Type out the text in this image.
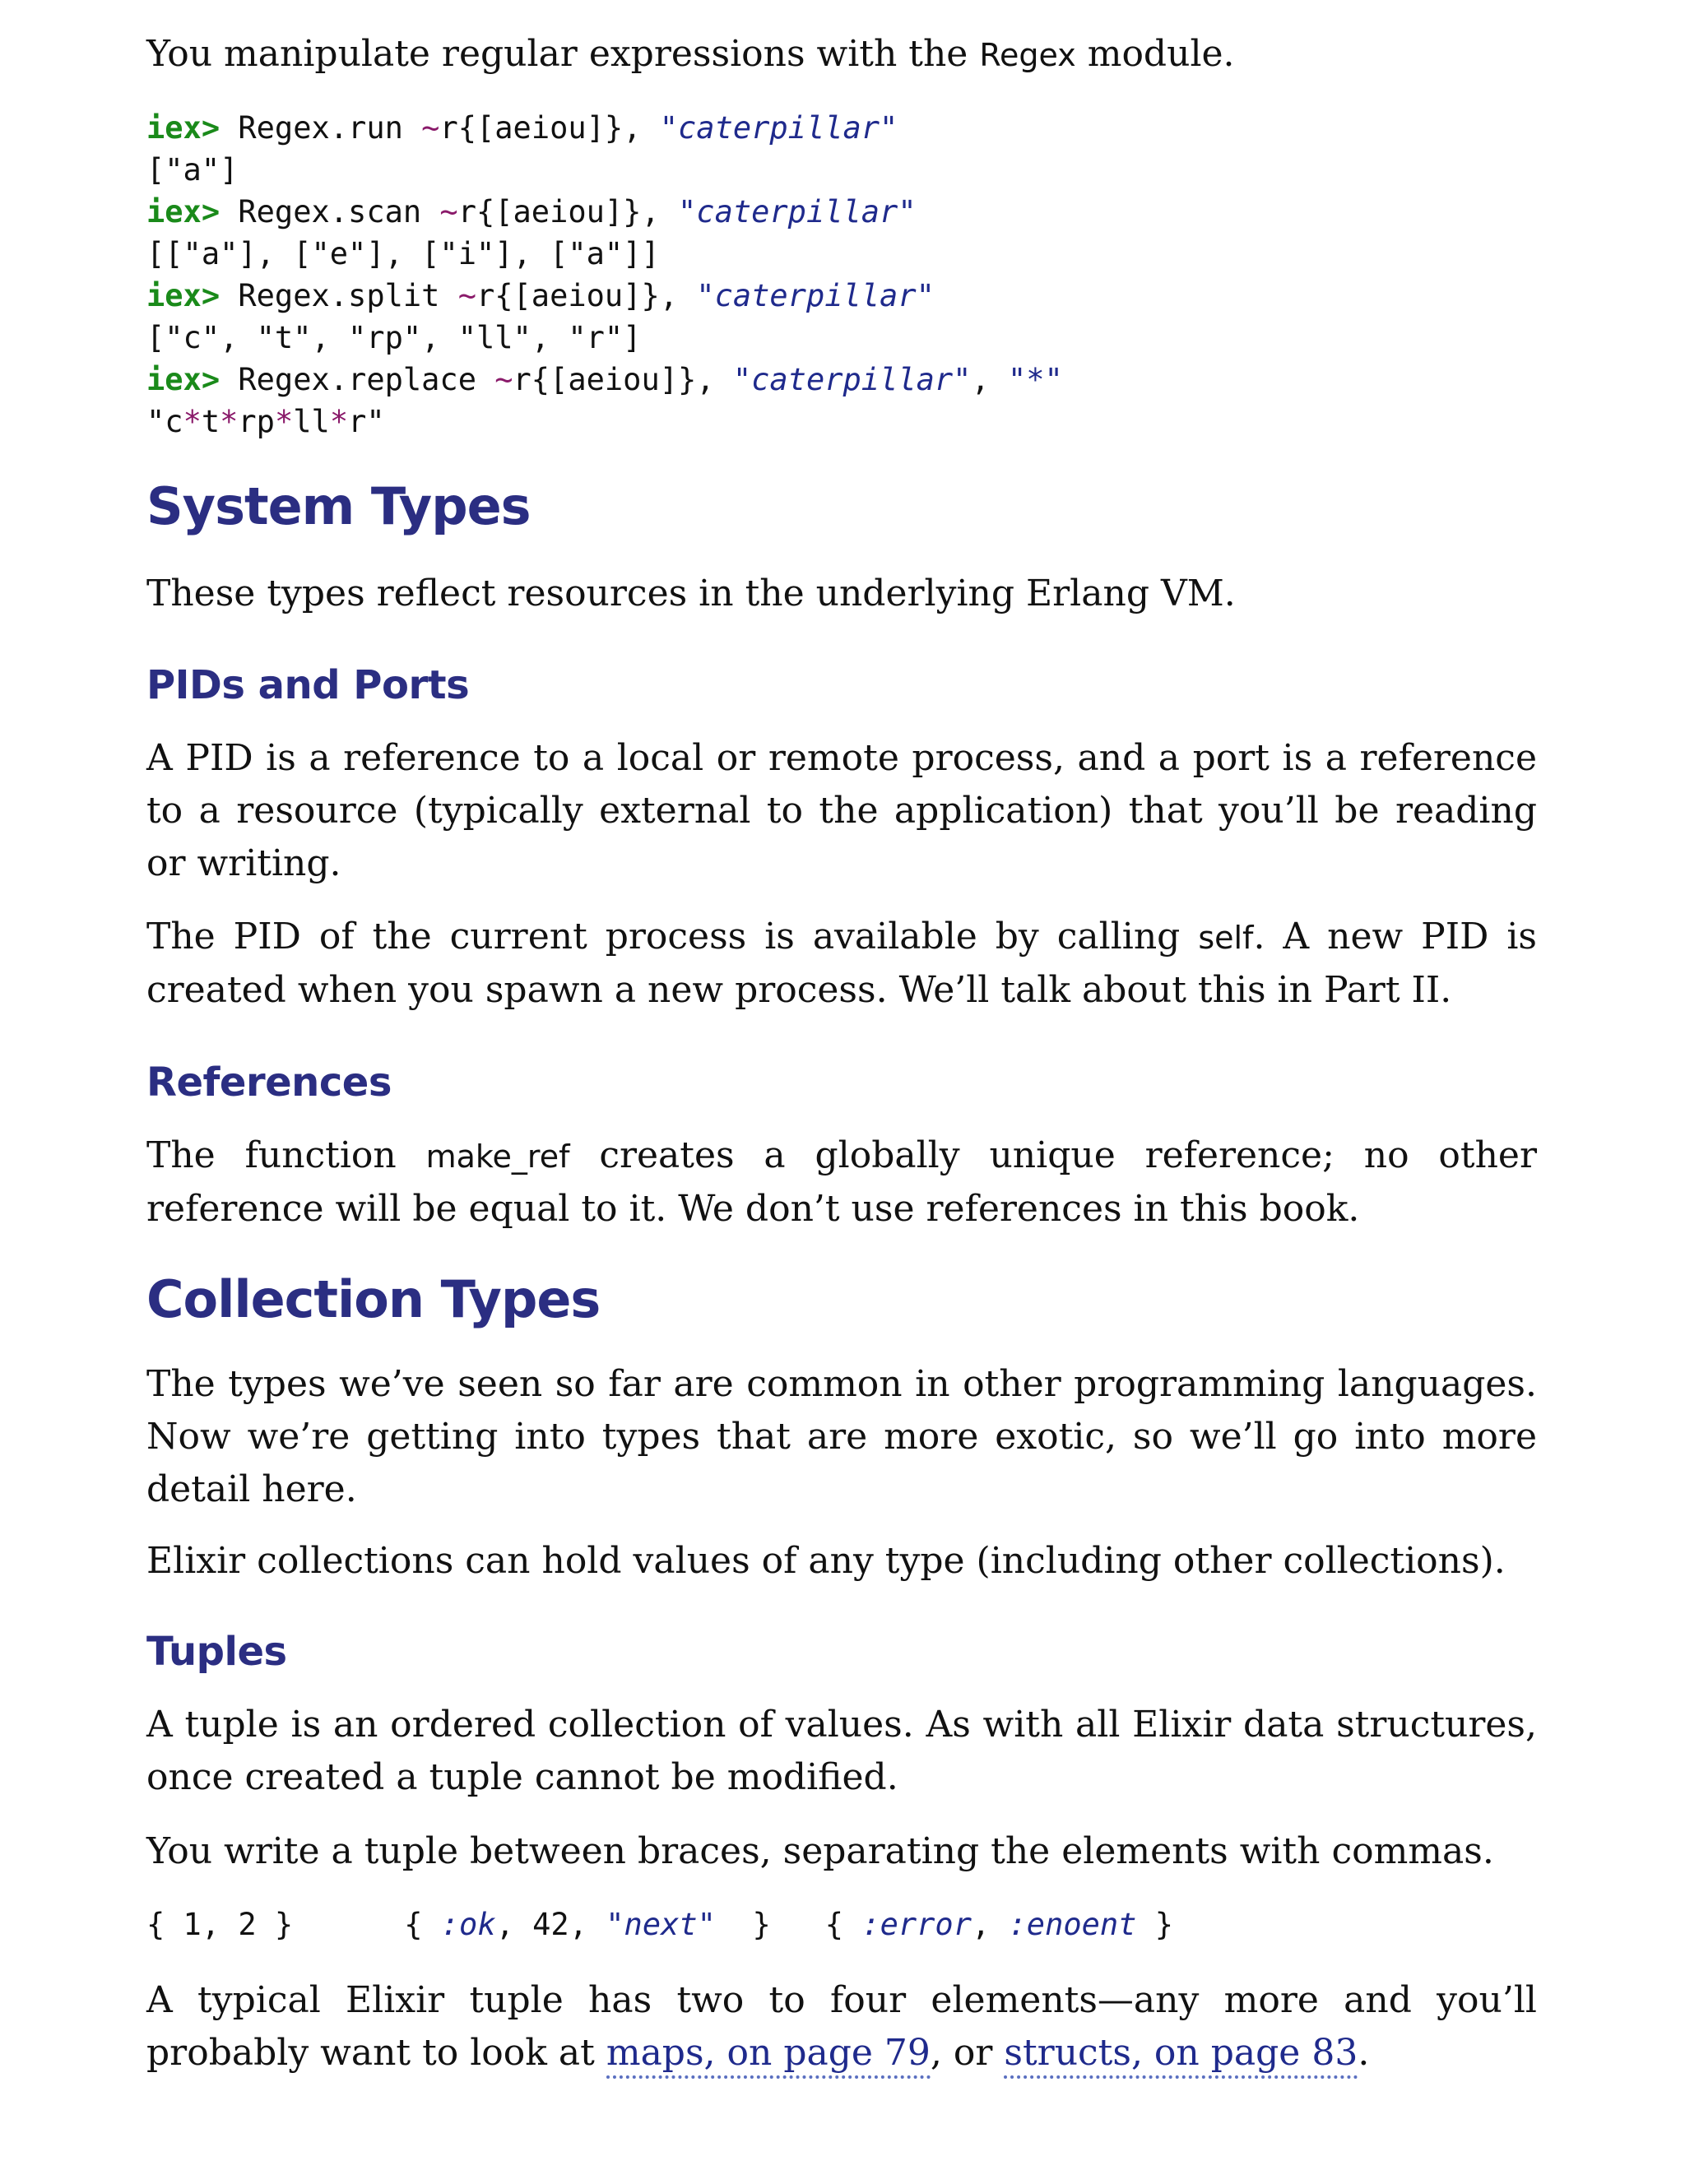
You manipulate regular expressions with the Regex module.

iex> Regex.run ~r{[aeiou]}, "caterpillar"
["a"]
iex> Regex.scan ~r{[aeiou]}, "caterpillar"
[["a"], ["e"], ["i"], ["a"]]
iex> Regex.split ~r{[aeiou]}, "caterpillar"
["c", "t", "rp", "ll", "r"]
iex> Regex.replace ~r{[aeiou]}, "caterpillar", "*"
"c*t*rp*ll*r"
System Types

These types reflect resources in the underlying Erlang VM.

PIDs and Ports

A PID is a reference to a local or remote process, and a port is a reference to a resource (typically external to the application) that you’ll be reading or writing.

The PID of the current process is available by calling self. A new PID is created when you spawn a new process. We’ll talk about this in Part II.

References

The function make_ref creates a globally unique reference; no other reference will be equal to it. We don’t use references in this book.

Collection Types

The types we’ve seen so far are common in other programming languages. Now we’re getting into types that are more exotic, so we’ll go into more detail here.

Elixir collections can hold values of any type (including other collections).

Tuples

A tuple is an ordered collection of values. As with all Elixir data structures, once created a tuple cannot be modified.

You write a tuple between braces, separating the elements with commas.

{ 1, 2 }	{ :ok, 42, "next"  } { :error, :enoent }

A typical Elixir tuple has two to four elements—any more and you’ll probably want to look at maps, on page 79, or structs, on page 83.
